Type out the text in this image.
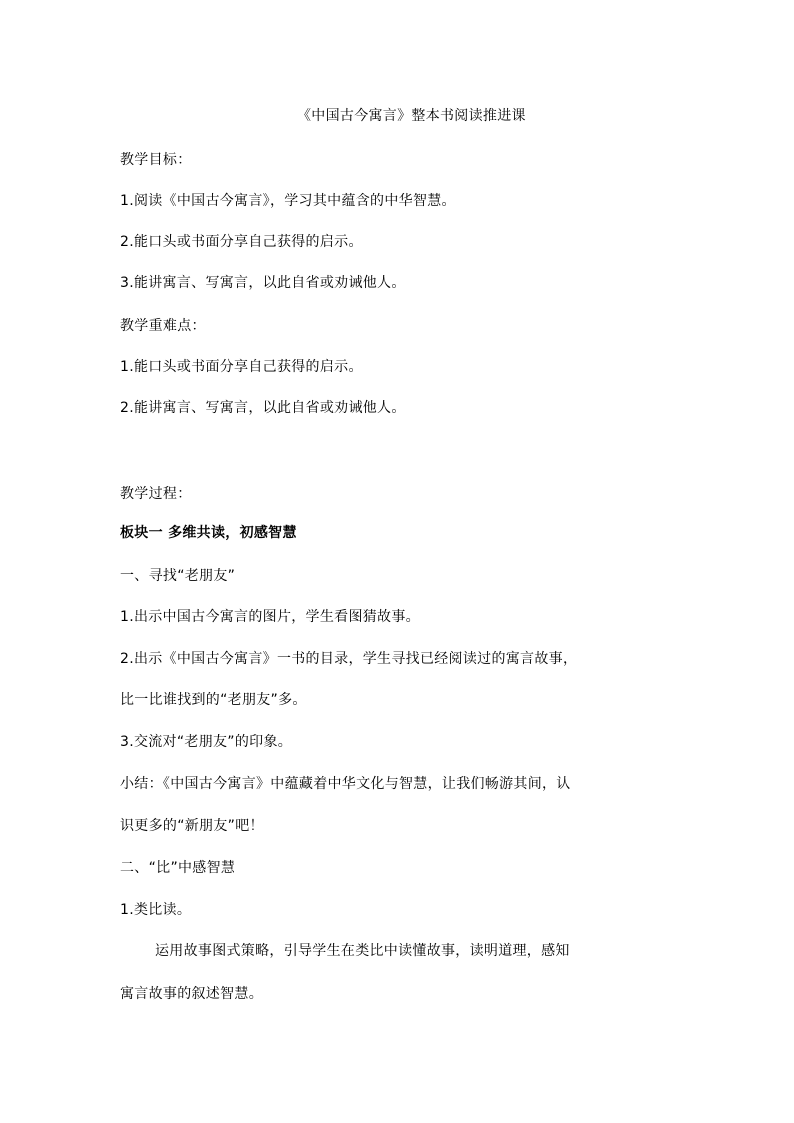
《中国古今寓言》整本书阅读推进课
教学目标：
1.阅读《中国古今寓言》，学习其中蕴含的中华智慧。
2.能口头或书面分享自己获得的启示。
3.能讲寓言、写寓言，以此自省或劝诫他人。
教学重难点：
1.能口头或书面分享自己获得的启示。
2.能讲寓言、写寓言，以此自省或劝诫他人。
教学过程：
板块一 多维共读，初感智慧
一、寻找“老朋友”
1.出示中国古今寓言的图片，学生看图猜故事。
2.出示《中国古今寓言》一书的目录，学生寻找已经阅读过的寓言故事，
比一比谁找到的“老朋友”多。
3.交流对“老朋友”的印象。
小结：《中国古今寓言》中蕴藏着中华文化与智慧，让我们畅游其间，认
识更多的“新朋友”吧！
二、“比”中感智慧
1.类比读。
运用故事图式策略，引导学生在类比中读懂故事，读明道理，感知
寓言故事的叙述智慧。
